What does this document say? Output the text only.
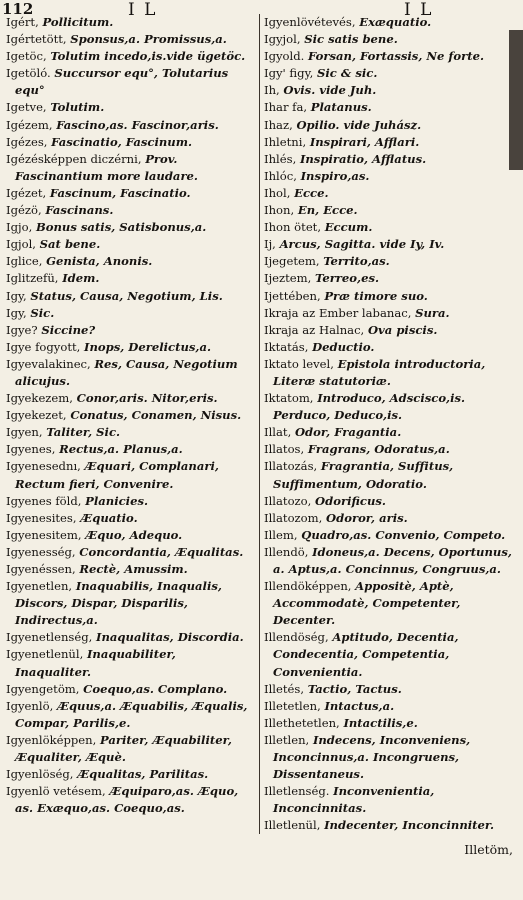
112	I L	I L

Igért, Pollicitum.

Igértetött, Sponsus,a. Promissus,a.

Igetöc, Tolutim incedo,is.vide ügetöc.

Igetöló. Succursor equ°, Tolutarius equ°

Igetve, Tolutim.

Igézem, Fascino,as. Fascinor,aris.

Igézes, Fascinatio, Fascinum.

Igézésképpen diczérni, Prov. Fascinantium more laudare.

Igézet, Fascinum, Fascinatio.

Igézö, Fascinans.

Igjo, Bonus satis, Satisbonus,a.

Igjol, Sat bene.

Iglice, Genista, Anonis.

Iglitzefü, Idem.

Igy, Status, Causa, Negotium, Lis.

Igy, Sic.

Igye? Siccine?

Igye fogyott, Inops, Derelictus,a.

Igyevalakinec, Res, Causa, Negotium alicujus.

Igyekezem, Conor,aris. Nitor,eris.

Igyekezet, Conatus, Conamen, Nisus.

Igyen, Taliter, Sic.

Igyenes, Rectus,a. Planus,a.

Igyenesednı, Æquari, Complanari, Rectum fieri, Convenire.

Igyenes föld, Planicies.

Igyenesites, Æquatio.

Igyenesitem, Æquo, Adequo.

Igyenesség, Concordantia, Æqualitas.

Igyenéssen, Rectè, Amussim.

Igyenetlen, Inaquabilis, Inaqualis, Discors, Dispar, Disparilis, Indirectus,a.

Igyenetlenség, Inaqualitas, Discordia.

Igyenetlenül, Inaquabiliter, Inaqualiter.

Igyengetöm, Coequo,as. Complano.

Igyenlö, Æquus,a. Æquabilis, Æqualis, Compar, Parilis,e.

Igyenlöképpen, Pariter, Æquabiliter, Æqualiter, Æquè.

Igyenlöség, Æqualitas, Parilitas.

Igyenlö vetésem, Æquiparo,as. Æquo, as. Exæquo,as. Coequo,as.

Igyenlövétevés, Exæquatio.

Igyjol, Sic satis bene.

Igyold. Forsan, Fortassis, Ne forte.

Igy' figy, Sic & sic.

Ih, Ovis. vide Juh.

Ihar fa, Platanus.

Ihaz, Opilio. vide Juhász.

Ihletni, Inspirari, Afflari.

Ihlés, Inspiratio, Afflatus.

Ihlóc, Inspiro,as.

Ihol, Ecce.

Ihon, En, Ecce.

Ihon ötet, Eccum.

Ij, Arcus, Sagitta. vide Iy, Iv.

Ijegetem, Territo,as.

Ijeztem, Terreo,es.

Ijettében, Præ timore suo.

Ikraja az Ember labanac, Sura.

Ikraja az Halnac, Ova piscis.

Iktatás, Deductio.

Iktato level, Epistola introductoria, Literæ statutoriæ.

Iktatom, Introduco, Adscisco,is. Perduco, Deduco,is.

Illat, Odor, Fragantia.

Illatos, Fragrans, Odoratus,a.

Illatozás, Fragrantia, Suffitus, Suffimentum, Odoratio.

Illatozo, Odorificus.

Illatozom, Odoror, aris.

Illem, Quadro,as. Convenio, Competo.

Illendö, Idoneus,a. Decens, Oportunus, a. Aptus,a. Concinnus, Congruus,a.

Illendöképpen, Appositè, Aptè, Accommodatè, Competenter, Decenter.

Illendöség, Aptitudo, Decentia, Condecentia, Competentia, Convenientia.

Illetés, Tactio, Tactus.

Illetetlen, Intactus,a.

Illethetetlen, Intactilis,e.

Illetlen, Indecens, Inconveniens, Inconcinnus,a. Incongruens, Dissentaneus.

Illetlenség. Inconvenientia, Inconcinnitas.

Illetlenül, Indecenter, Inconcinniter.

Illetöm,
